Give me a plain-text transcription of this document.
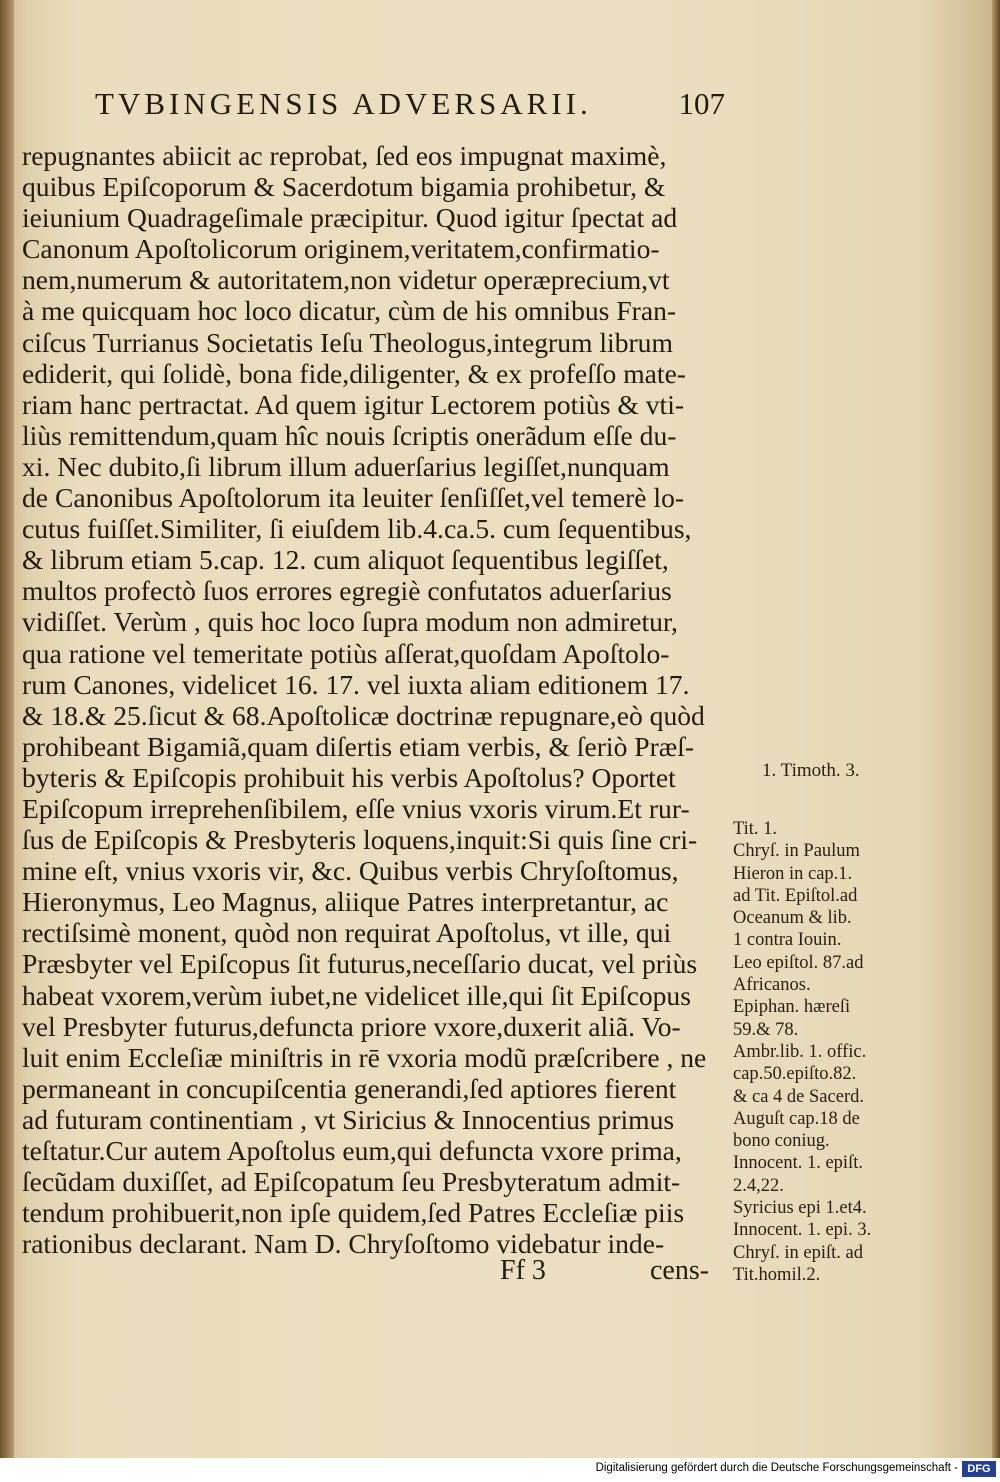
TVBINGENSIS ADVERSARII.	107
repugnantes abiicit ac reprobat, ſed eos impugnat maximè,
quibus Epiſcoporum & Sacerdotum bigamia prohibetur, &
ieiunium Quadrageſimale præcipitur. Quod igitur ſpectat ad
Canonum Apoſtolicorum originem,veritatem,confirmatio-
nem,numerum & autoritatem,non videtur operæprecium,vt
à me quicquam hoc loco dicatur, cùm de his omnibus Fran-
ciſcus Turrianus Societatis Ieſu Theologus,integrum librum
ediderit, qui ſolidè, bona fide,diligenter, & ex profeſſo mate-
riam hanc pertractat. Ad quem igitur Lectorem potiùs & vti-
liùs remittendum,quam hîc nouis ſcriptis onerãdum eſſe du-
xi. Nec dubito,ſi librum illum aduerſarius legiſſet,nunquam
de Canonibus Apoſtolorum ita leuiter ſenſiſſet,vel temerè lo-
cutus fuiſſet.Similiter, ſi eiuſdem lib.4.ca.5. cum ſequentibus,
& librum etiam 5.cap. 12. cum aliquot ſequentibus legiſſet,
multos profectò ſuos errores egregiè confutatos aduerſarius
vidiſſet. Verùm , quis hoc loco ſupra modum non admiretur,
qua ratione vel temeritate potiùs aſſerat,quoſdam Apoſtolo-
rum Canones, videlicet 16. 17. vel iuxta aliam editionem 17.
& 18.& 25.ſicut & 68.Apoſtolicæ doctrinæ repugnare,eò quòd
prohibeant Bigamiã,quam diſertis etiam verbis, & ſeriò Præſ-
byteris & Epiſcopis prohibuit his verbis Apoſtolus? Oportet
Epiſcopum irreprehenſibilem, eſſe vnius vxoris virum.Et rur-
ſus de Epiſcopis & Presbyteris loquens,inquit:Si quis ſine cri-
mine eſt, vnius vxoris vir, &c. Quibus verbis Chryſoſtomus,
Hieronymus, Leo Magnus, aliique Patres interpretantur, ac
rectiſsimè monent, quòd non requirat Apoſtolus, vt ille, qui
Præsbyter vel Epiſcopus ſit futurus,neceſſario ducat, vel priùs
habeat vxorem,verùm iubet,ne videlicet ille,qui ſit Epiſcopus
vel Presbyter futurus,defuncta priore vxore,duxerit aliã. Vo-
luit enim Eccleſiæ miniſtris in rē vxoria modũ præſcribere , ne
permaneant in concupiſcentia generandi,ſed aptiores fierent
ad futuram continentiam , vt Siricius & Innocentius primus
teſtatur.Cur autem Apoſtolus eum,qui defuncta vxore prima,
ſecũdam duxiſſet, ad Epiſcopatum ſeu Presbyteratum admit-
tendum prohibuerit,non ipſe quidem,ſed Patres Eccleſiæ piis
rationibus declarant. Nam D. Chryſoſtomo videbatur inde-
Ff 3	cens-
1. Timoth. 3.
Tit. 1.
Chryſ. in Paulum
Hieron in cap.1.
ad Tit. Epiſtol.ad
Oceanum & lib.
1 contra Iouin.
Leo epiſtol. 87.ad
Africanos.
Epiphan. hæreſi
59.& 78.
Ambr.lib. 1. offic.
cap.50.epiſto.82.
& ca 4 de Sacerd.
Auguſt cap.18 de
bono coniug.
Innocent. 1. epiſt.
2.4,22.
Syricius epi 1.et4.
Innocent. 1. epi. 3.
Chryſ. in epiſt. ad
Tit.homil.2.
Digitalisierung gefördert durch die Deutsche Forschungsgemeinschaft - DFG
